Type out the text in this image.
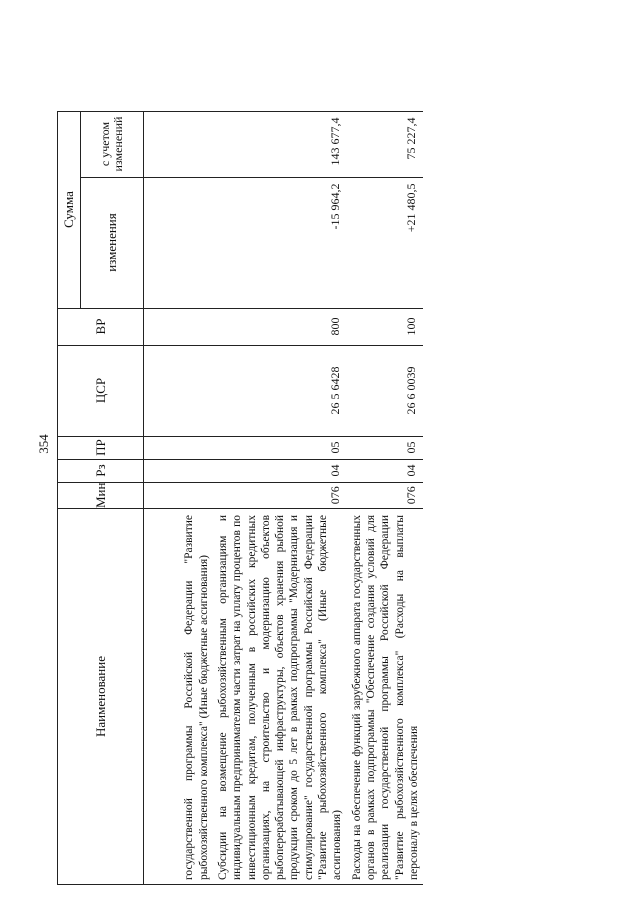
354
Наименование	Мин	Рз	ПР	ЦСР	ВР	Сумма	
						изменения	с учетом изменений
государственной программы Российской Федерации "Развитие рыбохозяйственного комплекса" (Иные бюджетные ассигнования)							
Субсидии на возмещение рыбохозяйственным организациям и индивидуальным предпринимателям части затрат на уплату процентов по инвестиционным кредитам, полученным в российских кредитных организациях, на строительство и модернизацию объектов рыбоперерабатывающей инфраструктуры, объектов хранения рыбной продукции сроком до 5 лет в рамках подпрограммы "Модернизация и стимулирование" государственной программы Российской Федерации "Развитие рыбохозяйственного комплекса" (Иные бюджетные ассигнования)	076	04	05	26 5 6428	800	-15 964,2	143 677,4
Расходы на обеспечение функций зарубежного аппарата государственных органов в рамках подпрограммы "Обеспечение создания условий для реализации государственной программы Российской Федерации "Развитие рыбохозяйственного комплекса" (Расходы на выплаты персоналу в целях обеспечения	076	04	05	26 6 0039	100	+21 480,5	75 227,4
